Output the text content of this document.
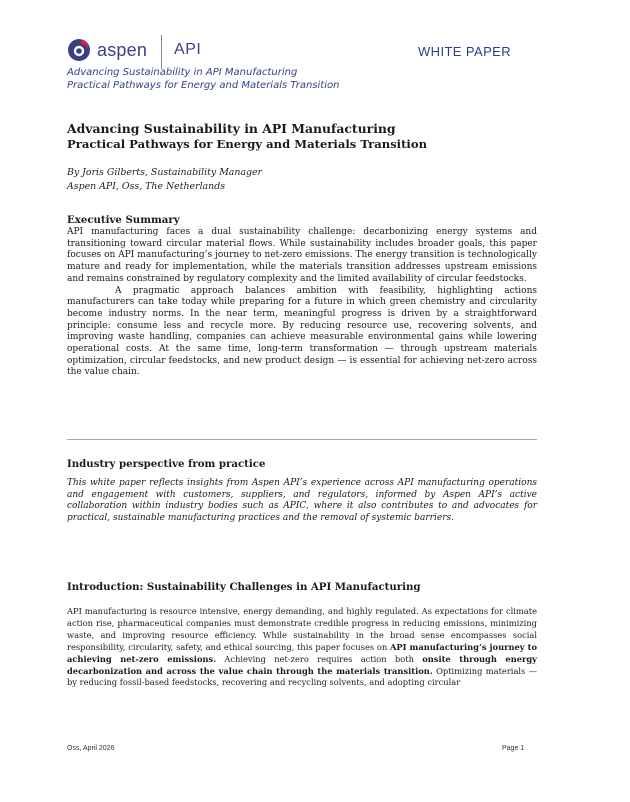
aspen API	WHITE PAPER
Advancing Sustainability in API Manufacturing
Practical Pathways for Energy and Materials Transition
Advancing Sustainability in API Manufacturing
Practical Pathways for Energy and Materials Transition
By Joris Gilberts, Sustainability Manager
Aspen API, Oss, The Netherlands
Executive Summary

API manufacturing faces a dual sustainability challenge: decarbonizing energy systems and transitioning toward circular material flows. While sustainability includes broader goals, this paper focuses on API manufacturing’s journey to net-zero emissions. The energy transition is technologically mature and ready for implementation, while the materials transition addresses upstream emissions and remains constrained by regulatory complexity and the limited availability of circular feedstocks.

A pragmatic approach balances ambition with feasibility, highlighting actions manufacturers can take today while preparing for a future in which green chemistry and circularity become industry norms. In the near term, meaningful progress is driven by a straightforward principle: consume less and recycle more. By reducing resource use, recovering solvents, and improving waste handling, companies can achieve measurable environmental gains while lowering operational costs. At the same time, long-term transformation — through upstream materials optimization, circular feedstocks, and new product design — is essential for achieving net-zero across the value chain.

Industry perspective from practice

This white paper reflects insights from Aspen API’s experience across API manufacturing operations and engagement with customers, suppliers, and regulators, informed by Aspen API’s active collaboration within industry bodies such as APIC, where it also contributes to and advocates for practical, sustainable manufacturing practices and the removal of systemic barriers.

Introduction: Sustainability Challenges in API Manufacturing

API manufacturing is resource intensive, energy demanding, and highly regulated. As expectations for climate action rise, pharmaceutical companies must demonstrate credible progress in reducing emissions, minimizing waste, and improving resource efficiency. While sustainability in the broad sense encompasses social responsibility, circularity, safety, and ethical sourcing, this paper focuses on API manufacturing’s journey to achieving net-zero emissions. Achieving net-zero requires action both onsite through energy decarbonization and across the value chain through the materials transition. Optimizing materials — by reducing fossil-based feedstocks, recovering and recycling solvents, and adopting circular

Oss, April 2026	Page 1
